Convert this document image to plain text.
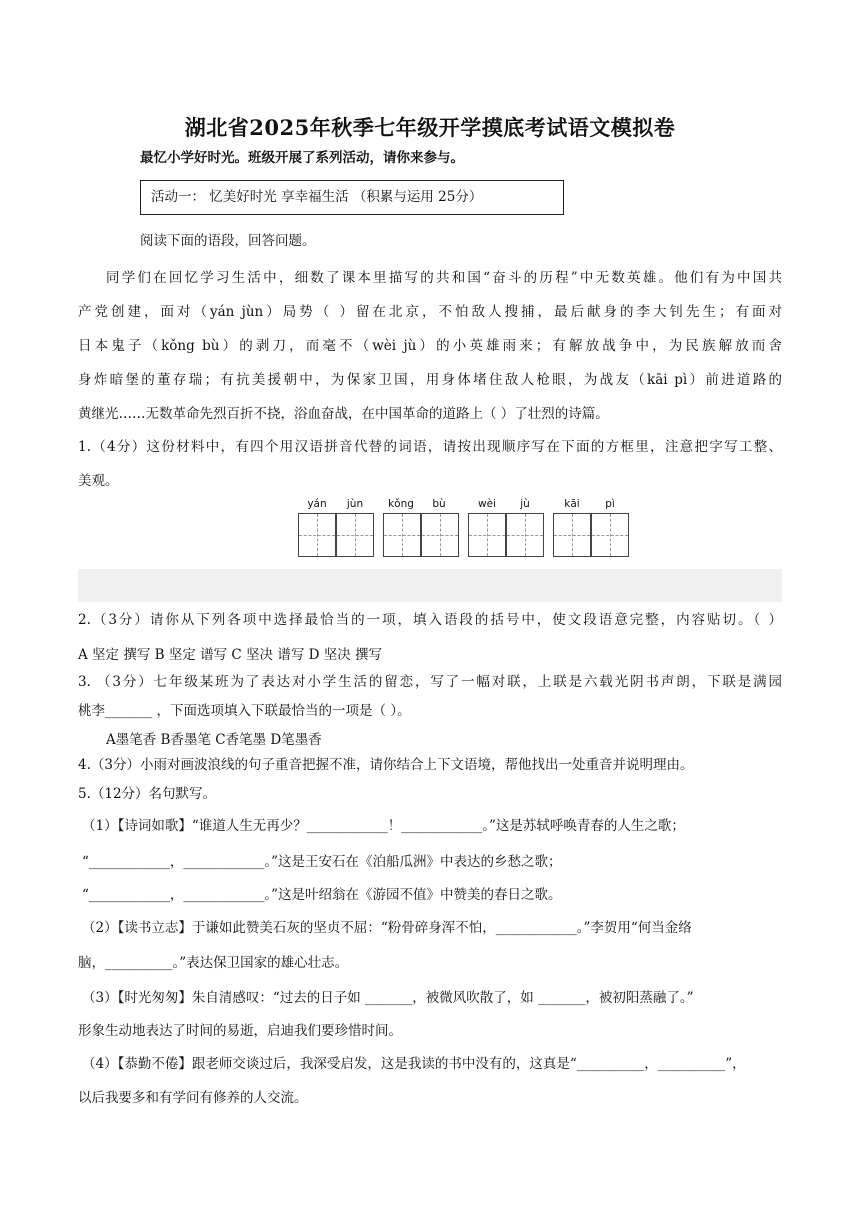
湖北省2025年秋季七年级开学摸底考试语文模拟卷
最忆小学好时光。班级开展了系列活动，请你来参与。
活动一： 忆美好时光 享幸福生活 （积累与运用 25分）
阅读下面的语段，回答问题。
同学们在回忆学习生活中，细数了课本里描写的共和国“奋斗的历程”中无数英雄。他们有为中国共
产党创建，面对（yán jùn）局势（ ）留在北京，不怕敌人搜捕，最后献身的李大钊先生；有面对
日本鬼子（kǒng bù）的剥刀，而毫不（wèi jù）的小英雄雨来；有解放战争中，为民族解放而舍
身炸暗堡的董存瑞；有抗美援朝中，为保家卫国，用身体堵住敌人枪眼，为战友（kāi pì）前进道路的
黄继光……无数革命先烈百折不挠，浴血奋战，在中国革命的道路上（ ）了壮烈的诗篇。
1.（4分）这份材料中，有四个用汉语拼音代替的词语，请按出现顺序写在下面的方框里，注意把字写工整、
美观。
yán	jùn	kǒng	bù	wèi	jù	kāi	pì
2.（3分）请你从下列各项中选择最恰当的一项，填入语段的括号中，使文段语意完整，内容贴切。（ ）
A 坚定 撰写 B 坚定 谱写 C 坚决 谱写 D 坚决 撰写
3. （3分）七年级某班为了表达对小学生活的留恋，写了一幅对联，上联是六载光阴书声朗，下联是满园
桃李_______ ，下面选项填入下联最恰当的一项是（ ）。
A墨笔香 B香墨笔 C香笔墨 D笔墨香
4.（3分）小雨对画波浪线的句子重音把握不准，请你结合上下文语境，帮他找出一处重音并说明理由。
5.（12分）名句默写。
（1）【诗词如歌】“谁道人生无再少？____________！____________。”这是苏轼呼唤青春的人生之歌；
“____________，____________。”这是王安石在《泊船瓜洲》中表达的乡愁之歌；
“____________，____________。”这是叶绍翁在《游园不值》中赞美的春日之歌。
（2）【读书立志】于谦如此赞美石灰的坚贞不屈：“粉骨碎身浑不怕，____________。”李贺用“何当金络
脑，__________。”表达保卫国家的雄心壮志。
（3）【时光匆匆】朱自清感叹：“过去的日子如 _______，被微风吹散了，如 _______，被初阳蒸融了。”
形象生动地表达了时间的易逝，启迪我们要珍惜时间。
（4）【恭勤不倦】跟老师交谈过后，我深受启发，这是我读的书中没有的，这真是“__________，__________”，
以后我要多和有学问有修养的人交流。
